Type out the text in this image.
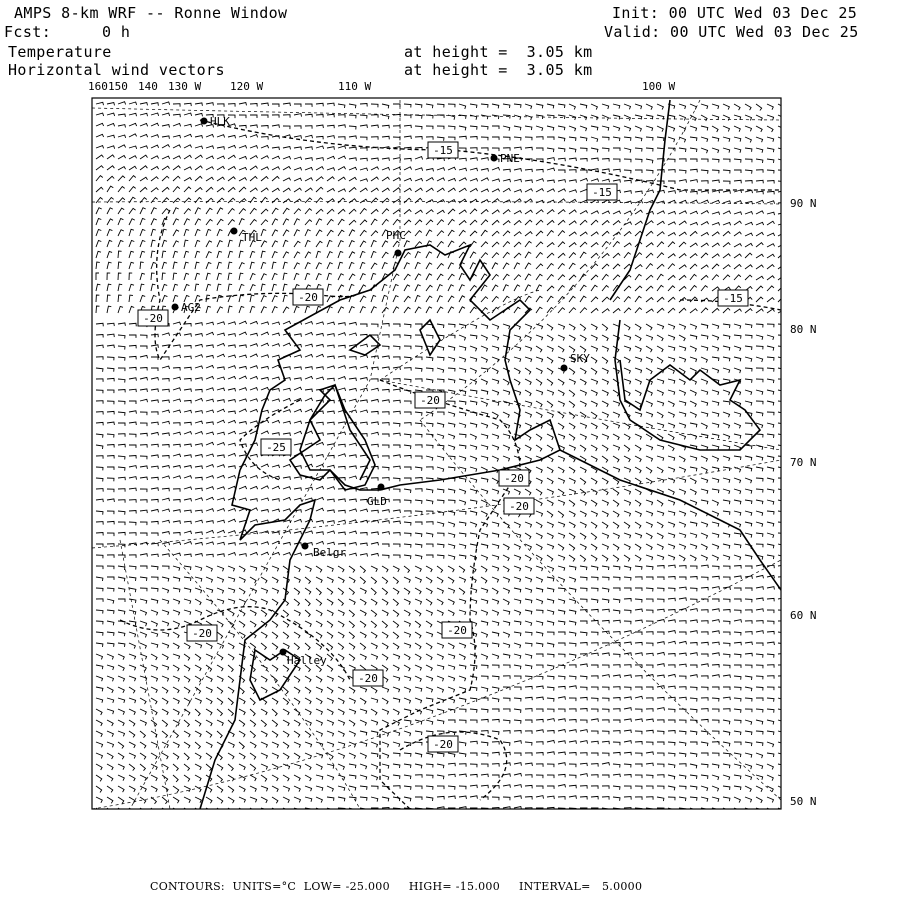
AMPS 8-km WRF -- Ronne Window	Init: 00 UTC Wed 03 Dec 25
Fcst:	0 h	Valid: 00 UTC Wed 03 Dec 25
Temperature	at height =  3.05 km
Horizontal wind vectors	at height =  3.05 km
-15
-15
-15
-20
-20
-20
-25
-20
-20
-20
-20
-20
-20
HLK
PNE
THL	PHC
AG2
SKY
GLD
Belgr
Halley
160 150 140 130 W	120 W	110 W	100 W
90 N
80 N
70 N
60 N
50 N
CONTOURS:  UNITS=°C  LOW= -25.000     HIGH= -15.000     INTERVAL=   5.0000
